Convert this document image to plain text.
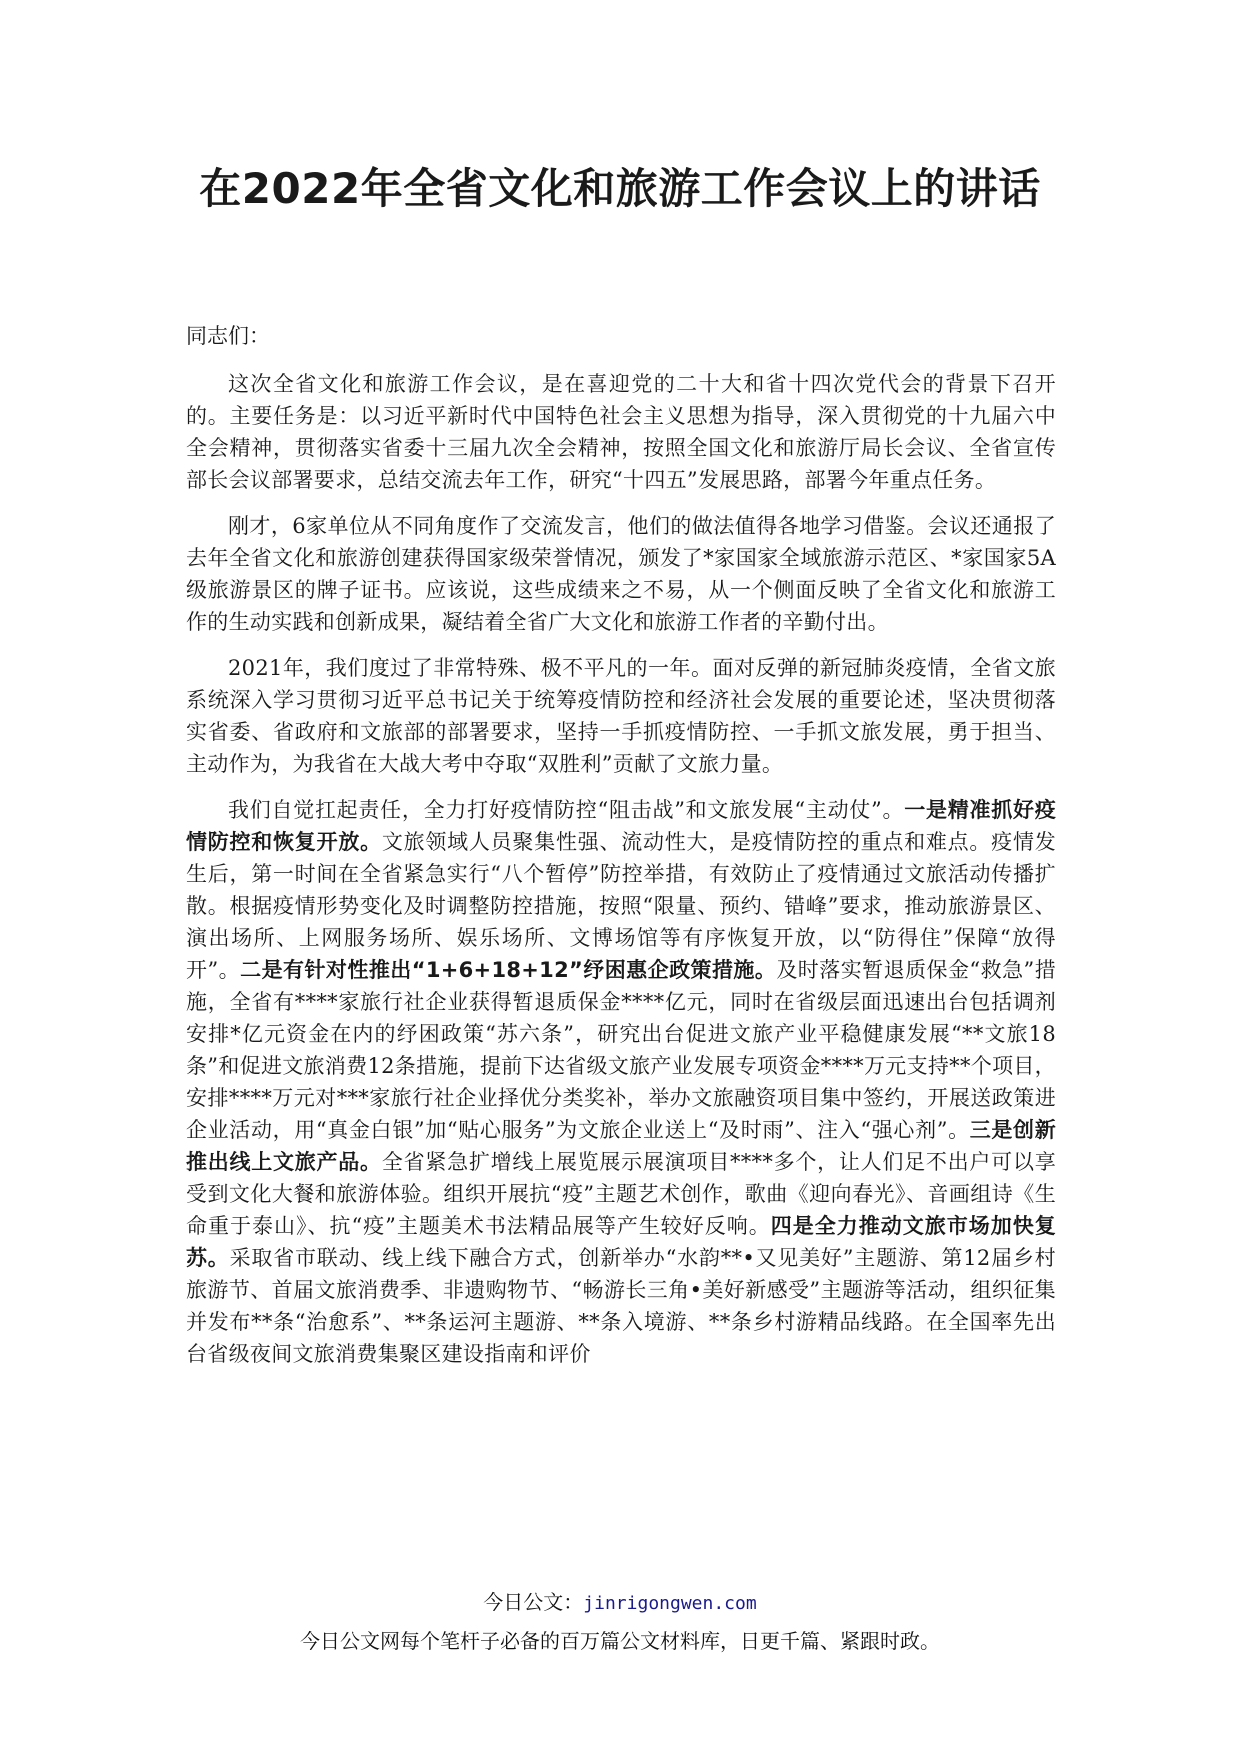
在2022年全省文化和旅游工作会议上的讲话

同志们：

这次全省文化和旅游工作会议，是在喜迎党的二十大和省十四次党代会的背景下召开的。主要任务是：以习近平新时代中国特色社会主义思想为指导，深入贯彻党的十九届六中全会精神，贯彻落实省委十三届九次全会精神，按照全国文化和旅游厅局长会议、全省宣传部长会议部署要求，总结交流去年工作，研究“十四五”发展思路，部署今年重点任务。

刚才，6家单位从不同角度作了交流发言，他们的做法值得各地学习借鉴。会议还通报了去年全省文化和旅游创建获得国家级荣誉情况，颁发了*家国家全域旅游示范区、*家国家5A级旅游景区的牌子证书。应该说，这些成绩来之不易，从一个侧面反映了全省文化和旅游工作的生动实践和创新成果，凝结着全省广大文化和旅游工作者的辛勤付出。

2021年，我们度过了非常特殊、极不平凡的一年。面对反弹的新冠肺炎疫情，全省文旅系统深入学习贯彻习近平总书记关于统筹疫情防控和经济社会发展的重要论述，坚决贯彻落实省委、省政府和文旅部的部署要求，坚持一手抓疫情防控、一手抓文旅发展，勇于担当、主动作为，为我省在大战大考中夺取“双胜利”贡献了文旅力量。

我们自觉扛起责任，全力打好疫情防控“阻击战”和文旅发展“主动仗”。一是精准抓好疫情防控和恢复开放。文旅领域人员聚集性强、流动性大，是疫情防控的重点和难点。疫情发生后，第一时间在全省紧急实行“八个暂停”防控举措，有效防止了疫情通过文旅活动传播扩散。根据疫情形势变化及时调整防控措施，按照“限量、预约、错峰”要求，推动旅游景区、演出场所、上网服务场所、娱乐场所、文博场馆等有序恢复开放，以“防得住”保障“放得开”。二是有针对性推出“1+6+18+12”纾困惠企政策措施。及时落实暂退质保金“救急”措施，全省有****家旅行社企业获得暂退质保金****亿元，同时在省级层面迅速出台包括调剂安排*亿元资金在内的纾困政策“苏六条”，研究出台促进文旅产业平稳健康发展“**文旅18条”和促进文旅消费12条措施，提前下达省级文旅产业发展专项资金****万元支持**个项目，安排****万元对***家旅行社企业择优分类奖补，举办文旅融资项目集中签约，开展送政策进企业活动，用“真金白银”加“贴心服务”为文旅企业送上“及时雨”、注入“强心剂”。三是创新推出线上文旅产品。全省紧急扩增线上展览展示展演项目****多个，让人们足不出户可以享受到文化大餐和旅游体验。组织开展抗“疫”主题艺术创作，歌曲《迎向春光》、音画组诗《生命重于泰山》、抗“疫”主题美术书法精品展等产生较好反响。四是全力推动文旅市场加快复苏。采取省市联动、线上线下融合方式，创新举办“水韵**•又见美好”主题游、第12届乡村旅游节、首届文旅消费季、非遗购物节、“畅游长三角•美好新感受”主题游等活动，组织征集并发布**条“治愈系”、**条运河主题游、**条入境游、**条乡村游精品线路。在全国率先出台省级夜间文旅消费集聚区建设指南和评价

今日公文：jinrigongwen.com
今日公文网每个笔杆子必备的百万篇公文材料库，日更千篇、紧跟时政。
